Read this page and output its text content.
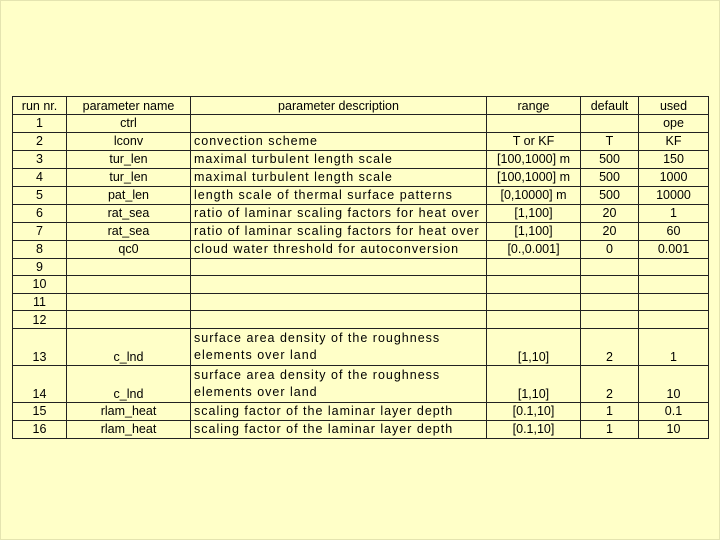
run nr.	parameter name	parameter description	range	default	used
1	ctrl				ope
2	lconv	convection scheme	T or KF	T	KF
3	tur_len	maximal turbulent length scale	[100,1000] m	500	150
4	tur_len	maximal turbulent length scale	[100,1000] m	500	1000
5	pat_len	length scale of thermal surface patterns	[0,10000] m	500	10000
6	rat_sea	ratio of laminar scaling factors for heat over	[1,100]	20	1
7	rat_sea	ratio of laminar scaling factors for heat over	[1,100]	20	60
8	qc0	cloud water threshold for autoconversion	[0.,0.001]	0	0.001
9					
10					
11					
12					
13	c_lnd	surface area density of the roughness elements over land	[1,10]	2	1
14	c_lnd	surface area density of the roughness elements over land	[1,10]	2	10
15	rlam_heat	scaling factor of the laminar layer depth	[0.1,10]	1	0.1
16	rlam_heat	scaling factor of the laminar layer depth	[0.1,10]	1	10
